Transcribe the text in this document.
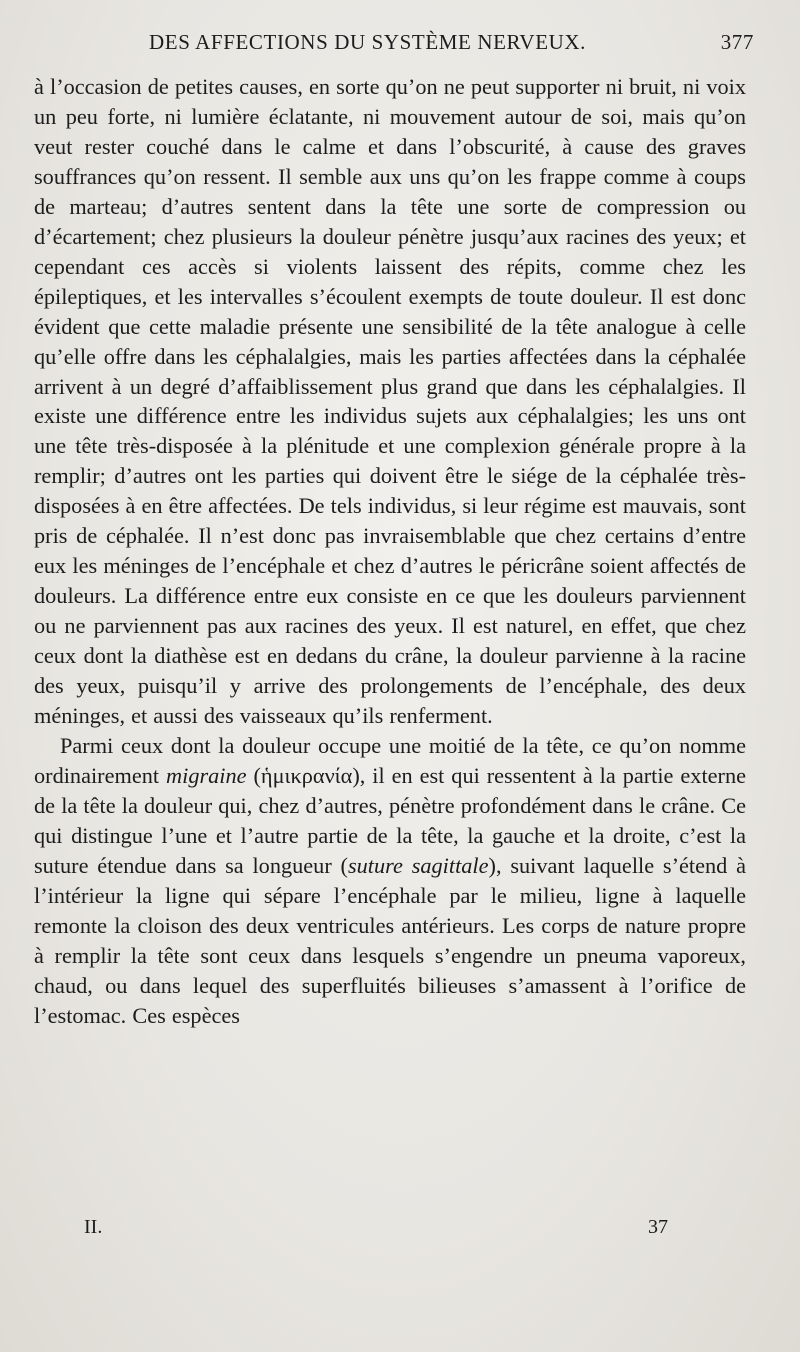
DES AFFECTIONS DU SYSTÈME NERVEUX.	377

à l’occasion de petites causes, en sorte qu’on ne peut supporter ni bruit, ni voix un peu forte, ni lumière éclatante, ni mouvement autour de soi, mais qu’on veut rester couché dans le calme et dans l’obscurité, à cause des graves souffrances qu’on ressent. Il semble aux uns qu’on les frappe comme à coups de marteau; d’autres sentent dans la tête une sorte de compression ou d’écartement; chez plusieurs la douleur pénètre jusqu’aux racines des yeux; et cependant ces accès si violents laissent des répits, comme chez les épileptiques, et les intervalles s’écoulent exempts de toute douleur. Il est donc évident que cette maladie présente une sensibilité de la tête analogue à celle qu’elle offre dans les céphalalgies, mais les parties affectées dans la céphalée arrivent à un degré d’affaiblissement plus grand que dans les céphalalgies. Il existe une différence entre les individus sujets aux céphalalgies; les uns ont une tête très-disposée à la plénitude et une complexion générale propre à la remplir; d’autres ont les parties qui doivent être le siége de la céphalée très-disposées à en être affectées. De tels individus, si leur régime est mauvais, sont pris de céphalée. Il n’est donc pas invraisemblable que chez certains d’entre eux les méninges de l’encéphale et chez d’autres le péricrâne soient affectés de douleurs. La différence entre eux consiste en ce que les douleurs parviennent ou ne parviennent pas aux racines des yeux. Il est naturel, en effet, que chez ceux dont la diathèse est en dedans du crâne, la douleur parvienne à la racine des yeux, puisqu’il y arrive des prolongements de l’encéphale, des deux méninges, et aussi des vaisseaux qu’ils renferment.

Parmi ceux dont la douleur occupe une moitié de la tête, ce qu’on nomme ordinairement migraine (ἡμικρανία), il en est qui ressentent à la partie externe de la tête la douleur qui, chez d’autres, pénètre profondément dans le crâne. Ce qui distingue l’une et l’autre partie de la tête, la gauche et la droite, c’est la suture étendue dans sa longueur (suture sagittale), suivant laquelle s’étend à l’intérieur la ligne qui sépare l’encéphale par le milieu, ligne à laquelle remonte la cloison des deux ventricules antérieurs. Les corps de nature propre à remplir la tête sont ceux dans lesquels s’engendre un pneuma vaporeux, chaud, ou dans lequel des superfluités bilieuses s’amassent à l’orifice de l’estomac. Ces espèces

II.	37
